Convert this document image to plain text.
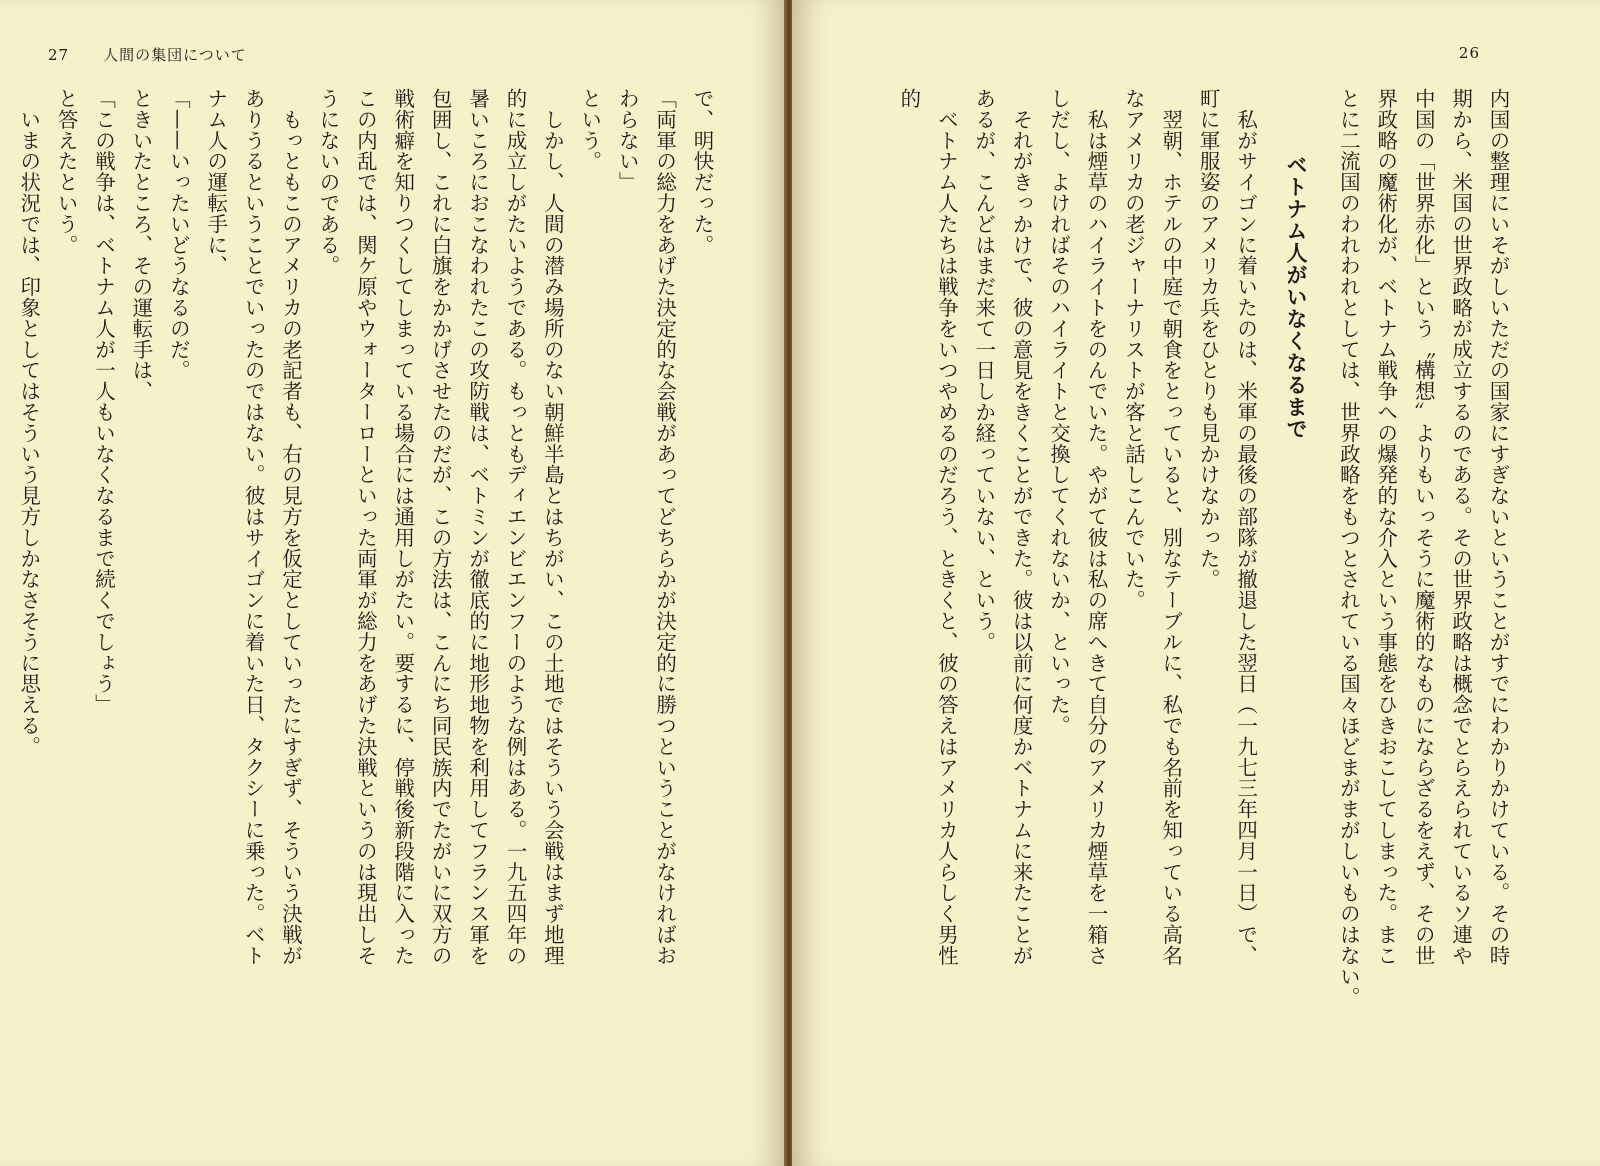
27 人間の集団について

で、明快だった。

「両軍の総力をあげた決定的な会戦があってどちらかが決定的に勝つということがなければお

わらない」

という。

　しかし、人間の潜み場所のない朝鮮半島とはちがい、この土地ではそういう会戦はまず地理

的に成立しがたいようである。もっともディエンビエンフーのような例はある。一九五四年の

暑いころにおこなわれたこの攻防戦は、ベトミンが徹底的に地形地物を利用してフランス軍を

包囲し、これに白旗をかかげさせたのだが、この方法は、こんにち同民族内でたがいに双方の

戦術癖を知りつくしてしまっている場合には通用しがたい。要するに、停戦後新段階に入った

この内乱では、関ケ原やウォーターローといった両軍が総力をあげた決戦というのは現出しそ

うにないのである。

　もっともこのアメリカの老記者も、右の見方を仮定としていったにすぎず、そういう決戦が

ありうるということでいったのではない。彼はサイゴンに着いた日、タクシーに乗った。ベト

ナム人の運転手に、

「——いったいどうなるのだ。

ときいたところ、その運転手は、

「この戦争は、ベトナム人が一人もいなくなるまで続くでしょう」

と答えたという。

　いまの状況では、印象としてはそういう見方しかなさそうに思える。

26

内国の整理にいそがしいただの国家にすぎないということがすでにわかりかけている。その時

期から、米国の世界政略が成立するのである。その世界政略は概念でとらえられているソ連や

中国の「世界赤化」という〝構想〟よりもいっそうに魔術的なものにならざるをえず、その世

界政略の魔術化が、ベトナム戦争への爆発的な介入という事態をひきおこしてしまった。まこ

とに二流国のわれわれとしては、世界政略をもつとされている国々ほどまがまがしいものはない。

ベトナム人がいなくなるまで

　私がサイゴンに着いたのは、米軍の最後の部隊が撤退した翌日（一九七三年四月一日）で、

町に軍服姿のアメリカ兵をひとりも見かけなかった。

　翌朝、ホテルの中庭で朝食をとっていると、別なテーブルに、私でも名前を知っている高名

なアメリカの老ジャーナリストが客と話しこんでいた。

　私は煙草のハイライトをのんでいた。やがて彼は私の席へきて自分のアメリカ煙草を一箱さ

しだし、よければそのハイライトと交換してくれないか、といった。

　それがきっかけで、彼の意見をきくことができた。彼は以前に何度かベトナムに来たことが

あるが、こんどはまだ来て一日しか経っていない、という。

　ベトナム人たちは戦争をいつやめるのだろう、ときくと、彼の答えはアメリカ人らしく男性

的
